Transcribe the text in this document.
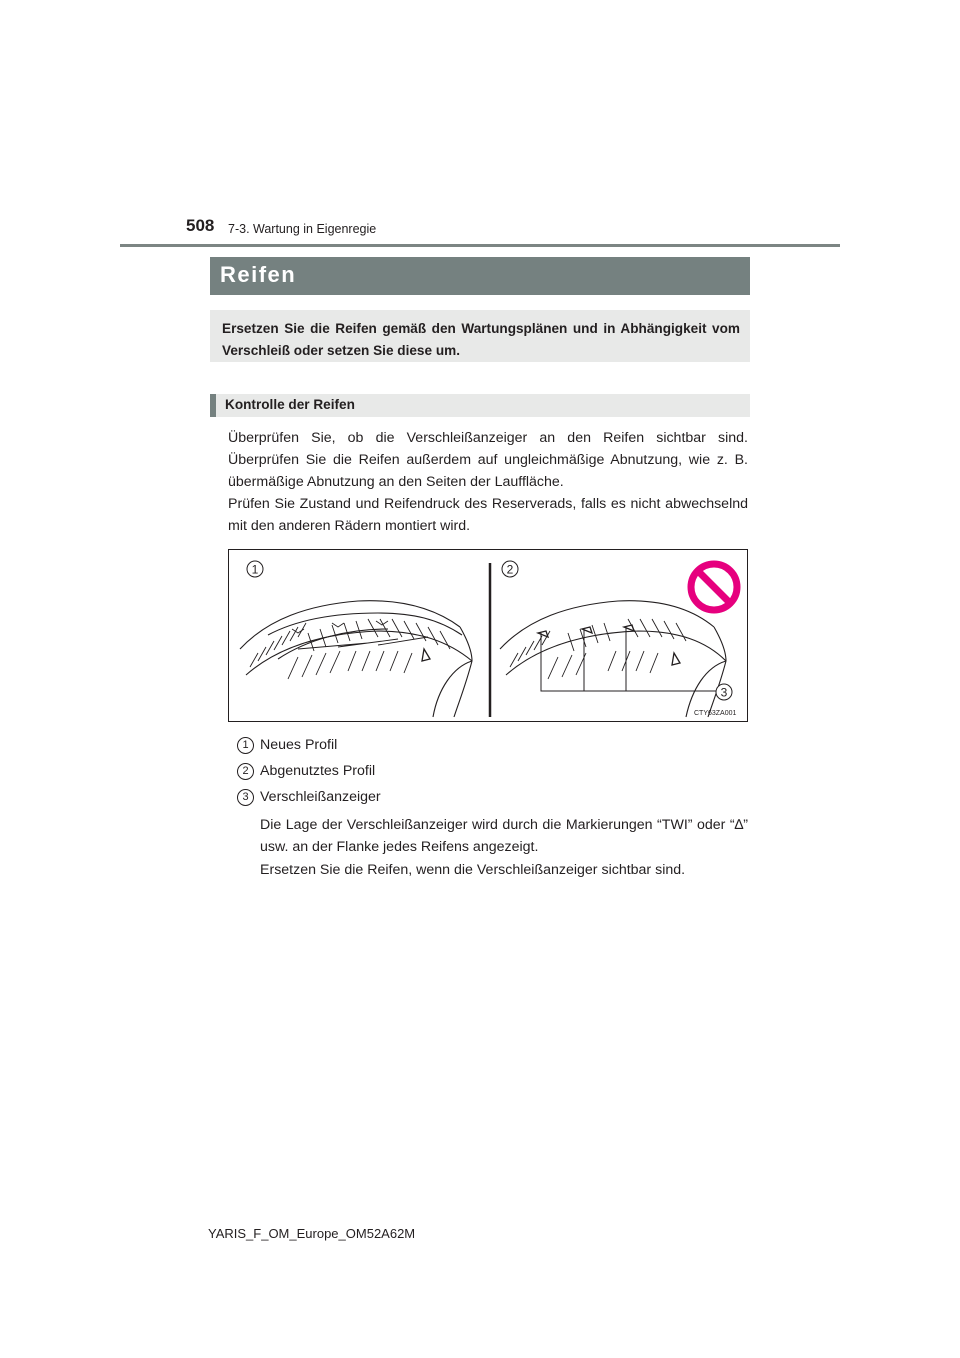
508 7-3. Wartung in Eigenregie
Reifen
Ersetzen Sie die Reifen gemäß den Wartungsplänen und in Abhängigkeit vom Verschleiß oder setzen Sie diese um.
Kontrolle der Reifen
Überprüfen Sie, ob die Verschleißanzeiger an den Reifen sichtbar sind. Überprüfen Sie die Reifen außerdem auf ungleichmäßige Abnutzung, wie z. B. übermäßige Abnutzung an den Seiten der Lauffläche.
Prüfen Sie Zustand und Reifendruck des Reserverads, falls es nicht abwechselnd mit den anderen Rädern montiert wird.
1	2
3
CTY63ZA001
1 Neues Profil
2 Abgenutztes Profil
3 Verschleißanzeiger
Die Lage der Verschleißanzeiger wird durch die Markierungen “TWI” oder “∆” usw. an der Flanke jedes Reifens angezeigt.
Ersetzen Sie die Reifen, wenn die Verschleißanzeiger sichtbar sind.
YARIS_F_OM_Europe_OM52A62M
